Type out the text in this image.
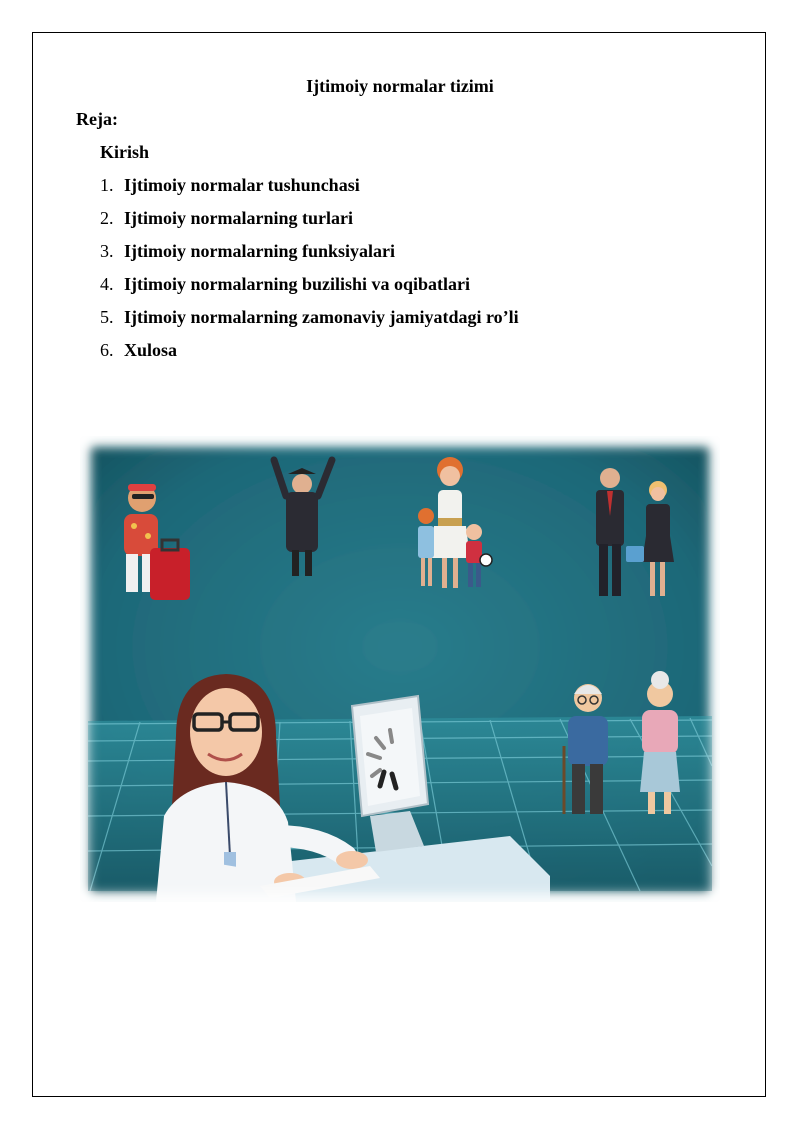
Ijtimoiy normalar tizimi
Reja:
Kirish
1. Ijtimoiy normalar tushunchasi
2. Ijtimoiy normalarning turlari
3. Ijtimoiy normalarning funksiyalari
4. Ijtimoiy normalarning buzilishi va oqibatlari
5. Ijtimoiy normalarning zamonaviy jamiyatdagi ro’li
6. Xulosa
